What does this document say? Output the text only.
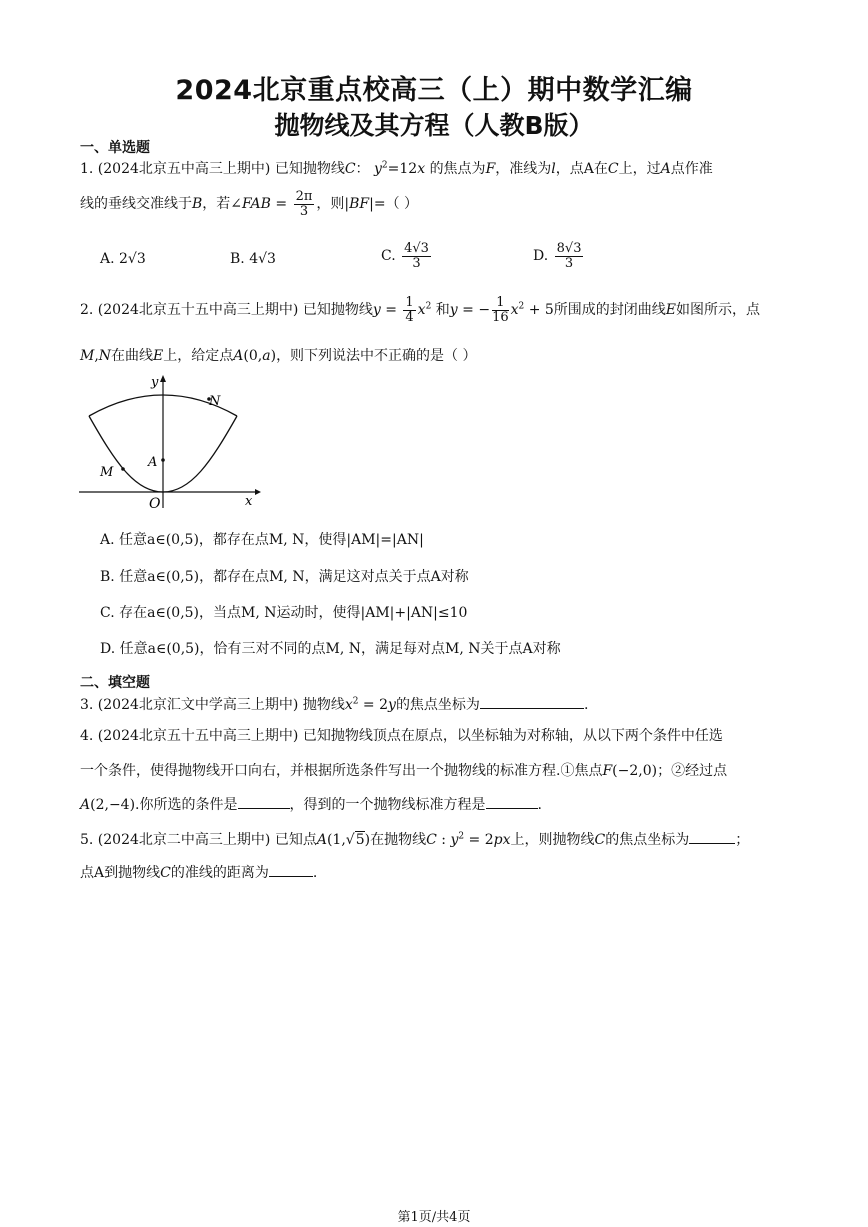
2024北京重点校高三（上）期中数学汇编
抛物线及其方程（人教B版）
一、单选题
1. (2024北京五中高三上期中) 已知抛物线C： $y^2=12x$ 的焦点为F，准线为l，点A在C上，过A点作准
线的垂线交准线于B，若∠FAB = $\frac{2\pi}{3}$ ，则|BF|=（ ）
A. 2√3	B. 4√3	C. $\frac{4√3}{3}$	D. $\frac{8√3}{3}$
2. (2024北京五十五中高三上期中) 已知抛物线$y = \frac{1}{4} x^2$ 和y = − $\frac{1}{16} x^2 + 5$所围成的封闭曲线E如图所示，点
M,N在曲线E上，给定点A(0,a)，则下列说法中不正确的是（ ）
y
x
O
A
M
N
A. 任意a∈(0,5)，都存在点M, N，使得|AM|=|AN|
B. 任意a∈(0,5)，都存在点M, N，满足这对点关于点A对称
C. 存在a∈(0,5)，当点M, N运动时，使得|AM|+|AN|≤10
D. 任意a∈(0,5)，恰有三对不同的点M, N，满足每对点M, N关于点A对称
二、填空题
3. (2024北京汇文中学高三上期中) 抛物线$x^2 = 2y$的焦点坐标为	.
4. (2024北京五十五中高三上期中) 已知抛物线顶点在原点，以坐标轴为对称轴，从以下两个条件中任选
一个条件，使得抛物线开口向右，并根据所选条件写出一个抛物线的标准方程.①焦点F(−2,0)；②经过点
A(2,−4).你所选的条件是	，得到的一个抛物线标准方程是	.
5. (2024北京二中高三上期中) 已知点A(1,√5)在抛物线C : $y^2 = 2px$上，则抛物线C的焦点坐标为	；
点A到抛物线C的准线的距离为	.
第1页/共4页
